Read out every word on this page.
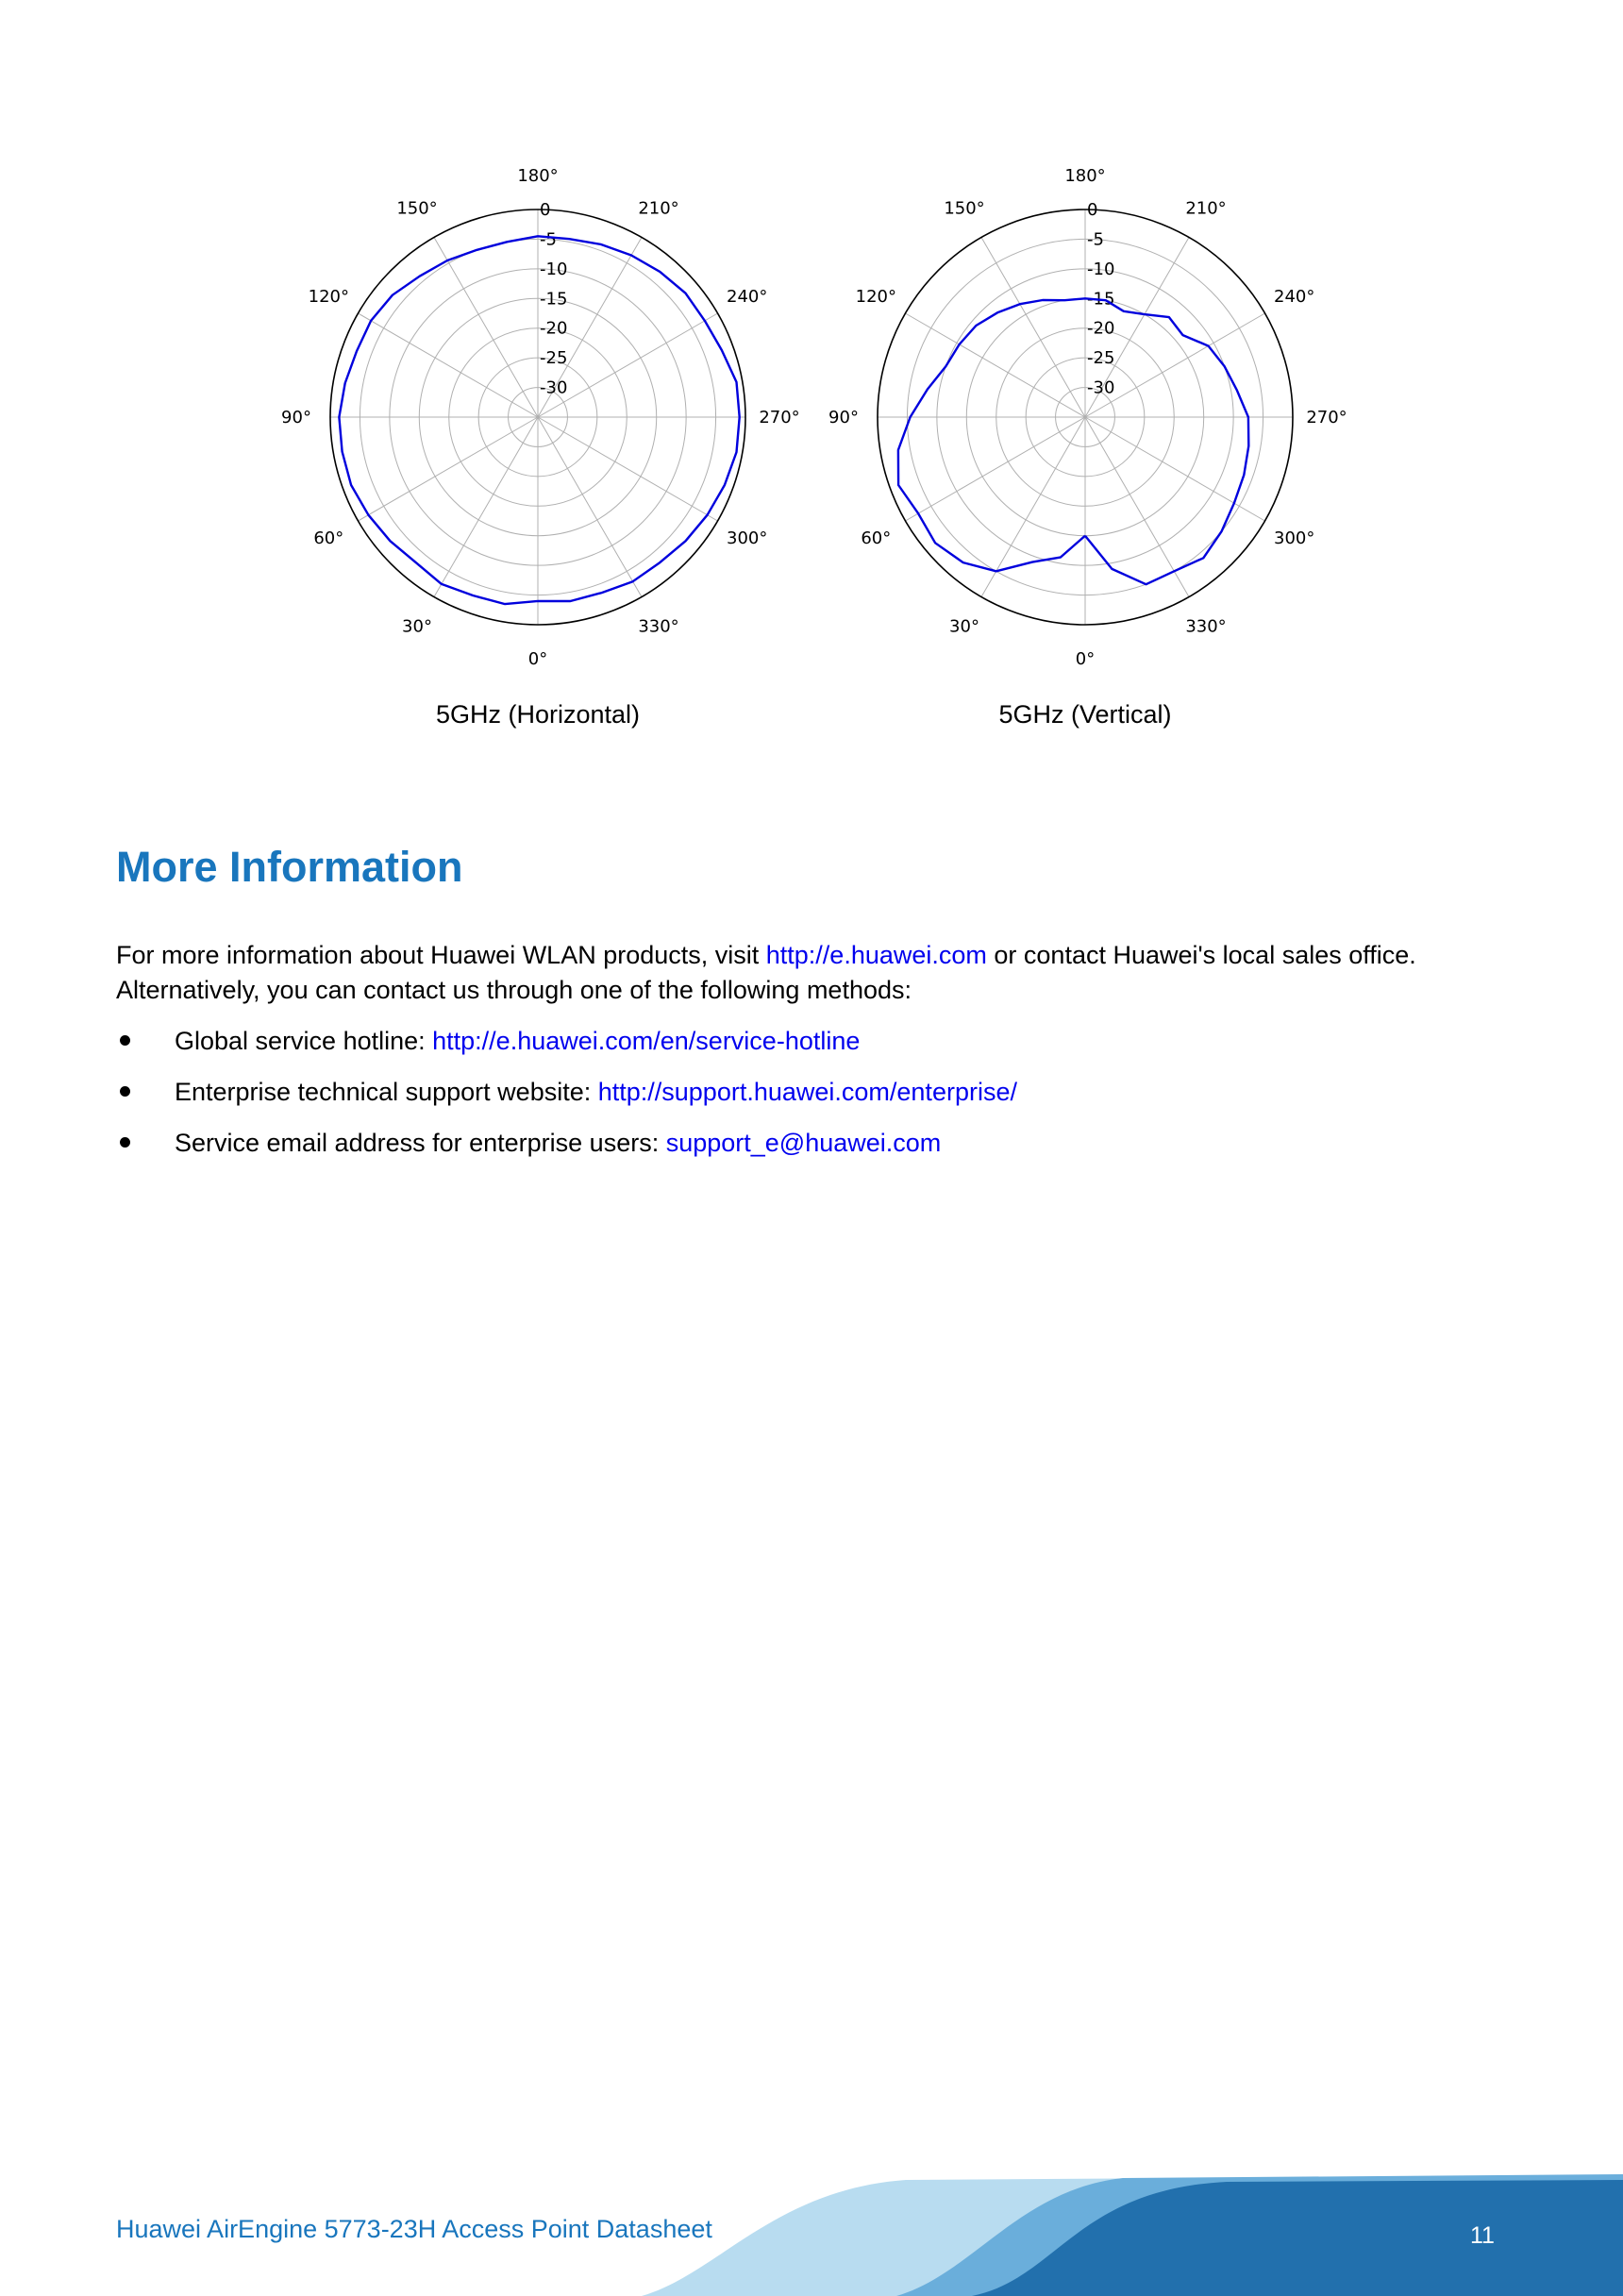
0°
30°
60°
90°
120°
150°
180°
210°
240°
270°
300°
330°
0
-5
-10
-15
-20
-25
-30
5GHz (Horizontal)
0°
30°
60°
90°
120°
150°
180°
210°
240°
270°
300°
330°
0
-5
-10
-15
-20
-25
-30
5GHz (Vertical)
More Information

For more information about Huawei WLAN products, visit http://e.huawei.com or contact Huawei's local sales office. Alternatively, you can contact us through one of the following methods:

Global service hotline: http://e.huawei.com/en/service-hotline
Enterprise technical support website: http://support.huawei.com/enterprise/
Service email address for enterprise users: support_e@huawei.com
Huawei AirEngine 5773-23H Access Point Datasheet	11
